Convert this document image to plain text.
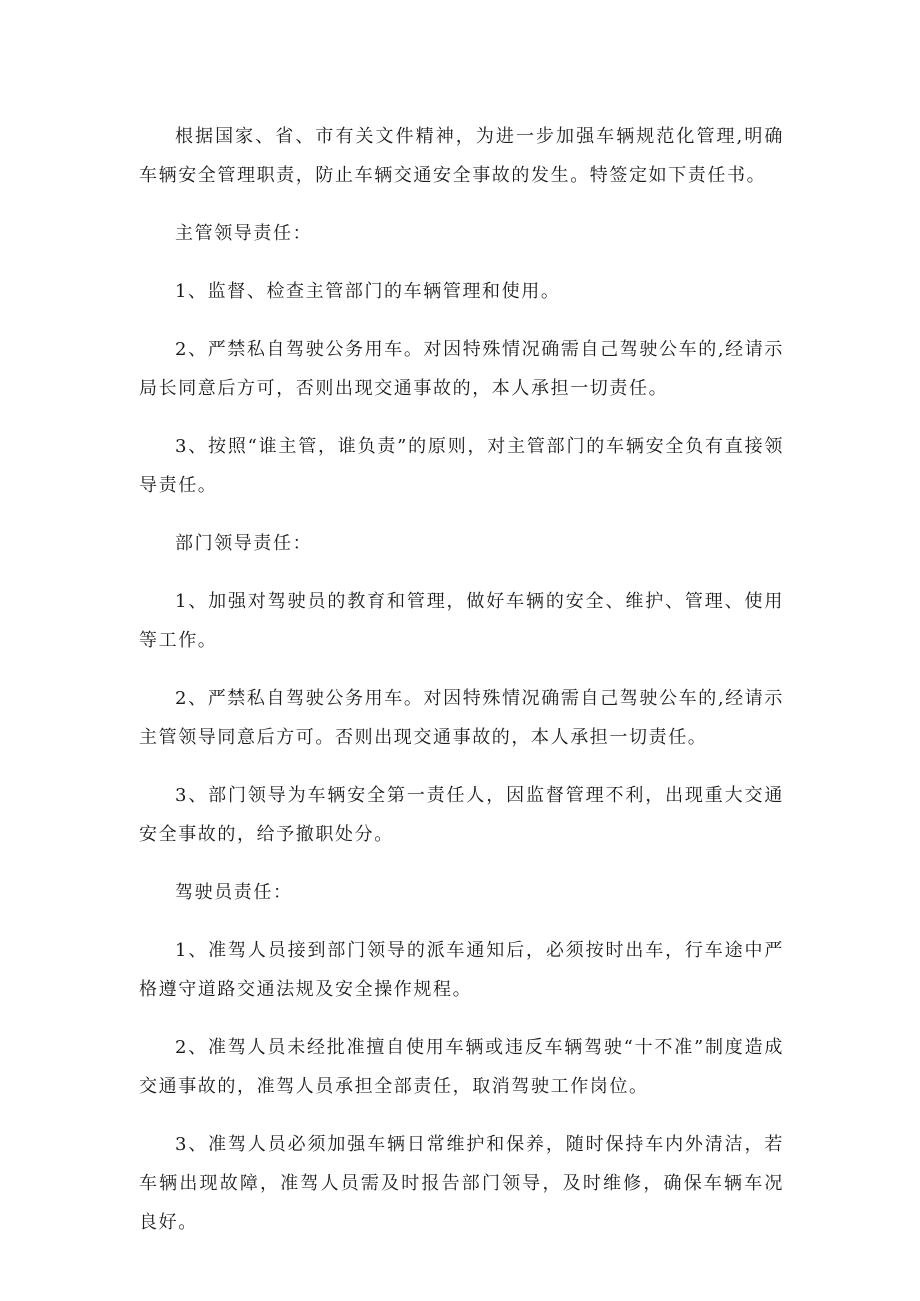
根据国家、省、市有关文件精神，为进一步加强车辆规范化管理,明确车辆安全管理职责，防止车辆交通安全事故的发生。特签定如下责任书。

主管领导责任：

1、监督、检查主管部门的车辆管理和使用。

2、严禁私自驾驶公务用车。对因特殊情况确需自己驾驶公车的,经请示局长同意后方可，否则出现交通事故的，本人承担一切责任。

3、按照“谁主管，谁负责”的原则，对主管部门的车辆安全负有直接领导责任。

部门领导责任：

1、加强对驾驶员的教育和管理，做好车辆的安全、维护、管理、使用等工作。

2、严禁私自驾驶公务用车。对因特殊情况确需自己驾驶公车的,经请示主管领导同意后方可。否则出现交通事故的，本人承担一切责任。

3、部门领导为车辆安全第一责任人，因监督管理不利，出现重大交通安全事故的，给予撤职处分。

驾驶员责任：

1、准驾人员接到部门领导的派车通知后，必须按时出车，行车途中严格遵守道路交通法规及安全操作规程。

2、准驾人员未经批准擅自使用车辆或违反车辆驾驶“十不准”制度造成交通事故的，准驾人员承担全部责任，取消驾驶工作岗位。

3、准驾人员必须加强车辆日常维护和保养，随时保持车内外清洁，若车辆出现故障，准驾人员需及时报告部门领导，及时维修，确保车辆车况良好。
